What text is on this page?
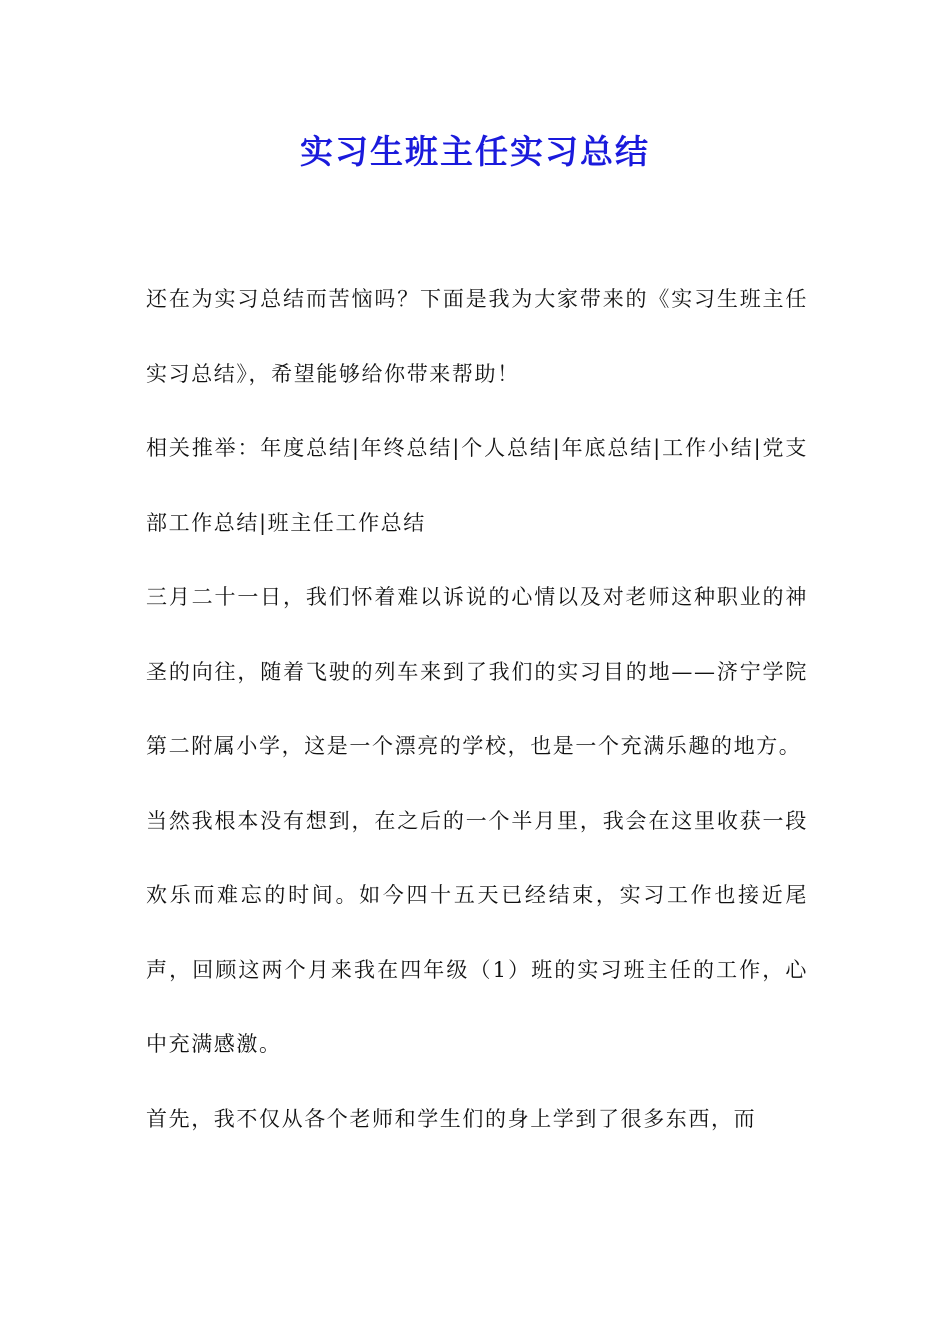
实习生班主任实习总结

还在为实习总结而苦恼吗？下面是我为大家带来的《实习生班主任实习总结》，希望能够给你带来帮助！

相关推举：年度总结|年终总结|个人总结|年底总结|工作小结|党支部工作总结|班主任工作总结

三月二十一日，我们怀着难以诉说的心情以及对老师这种职业的神圣的向往，随着飞驶的列车来到了我们的实习目的地——济宁学院第二附属小学，这是一个漂亮的学校，也是一个充满乐趣的地方。

当然我根本没有想到，在之后的一个半月里，我会在这里收获一段欢乐而难忘的时间。如今四十五天已经结束，实习工作也接近尾声，回顾这两个月来我在四年级（1）班的实习班主任的工作，心中充满感激。

首先，我不仅从各个老师和学生们的身上学到了很多东西，而
